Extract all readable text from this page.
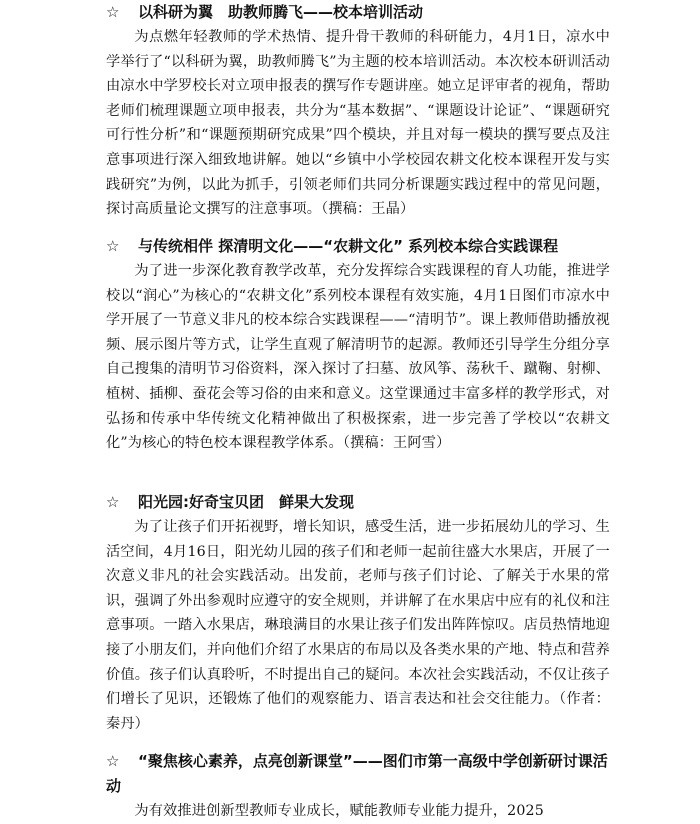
☆ 以科研为翼　助教师腾飞——校本培训活动

为点燃年轻教师的学术热情、提升骨干教师的科研能力，4月1日，凉水中学举行了“以科研为翼，助教师腾飞”为主题的校本培训活动。本次校本研训活动由凉水中学罗校长对立项申报表的撰写作专题讲座。她立足评审者的视角，帮助老师们梳理课题立项申报表，共分为“基本数据”、“课题设计论证”、“课题研究可行性分析”和“课题预期研究成果”四个模块，并且对每一模块的撰写要点及注意事项进行深入细致地讲解。她以“乡镇中小学校园农耕文化校本课程开发与实践研究”为例，以此为抓手，引领老师们共同分析课题实践过程中的常见问题，探讨高质量论文撰写的注意事项。（撰稿：王晶）

☆ 与传统相伴 探清明文化——“农耕文化” 系列校本综合实践课程

为了进一步深化教育教学改革，充分发挥综合实践课程的育人功能，推进学校以“润心”为核心的“农耕文化”系列校本课程有效实施，4月1日图们市凉水中学开展了一节意义非凡的校本综合实践课程——“清明节”。课上教师借助播放视频、展示图片等方式，让学生直观了解清明节的起源。教师还引导学生分组分享自己搜集的清明节习俗资料，深入探讨了扫墓、放风筝、荡秋千、蹴鞠、射柳、植树、插柳、蚕花会等习俗的由来和意义。这堂课通过丰富多样的教学形式，对弘扬和传承中华传统文化精神做出了积极探索，进一步完善了学校以“农耕文化”为核心的特色校本课程教学体系。（撰稿：王阿雪）

☆ 阳光园:好奇宝贝团　鲜果大发现

为了让孩子们开拓视野，增长知识，感受生活，进一步拓展幼儿的学习、生活空间，4月16日，阳光幼儿园的孩子们和老师一起前往盛大水果店，开展了一次意义非凡的社会实践活动。出发前，老师与孩子们讨论、了解关于水果的常识，强调了外出参观时应遵守的安全规则，并讲解了在水果店中应有的礼仪和注意事项。一踏入水果店，琳琅满目的水果让孩子们发出阵阵惊叹。店员热情地迎接了小朋友们，并向他们介绍了水果店的布局以及各类水果的产地、特点和营养价值。孩子们认真聆听，不时提出自己的疑问。本次社会实践活动，不仅让孩子们增长了见识，还锻炼了他们的观察能力、语言表达和社会交往能力。（作者：秦丹）

☆ “聚焦核心素养，点亮创新课堂”——图们市第一高级中学创新研讨课活动

为有效推进创新型教师专业成长，赋能教师专业能力提升，2025
